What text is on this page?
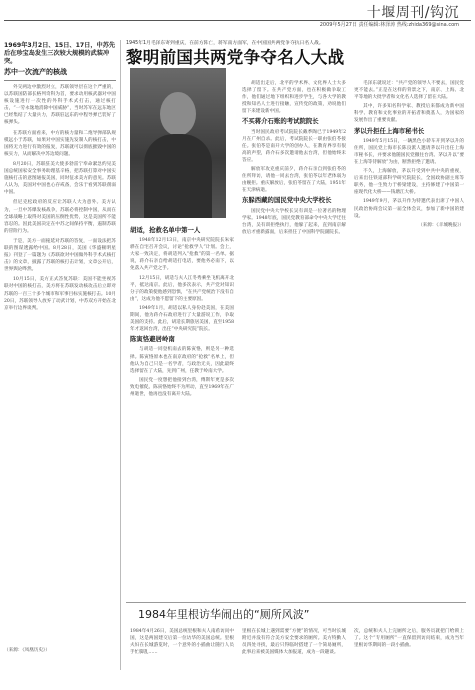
十堰周刊/钩沉
2009年5月27日 责任编辑:林泽涛 热线:zhida369@sina.com

1969年3月2日、15日、17日，中苏先后在珍宝岛发生三次较大规模的武装冲突。

苏中一次流产的核战

外交两边中激烈对立，苏联领导层在这个严重的，以苏联国防部长格列奇科为首，要求动用核武器对中国核设施进行一次性的外科手术式打击，通过核打击，“一劳永逸地消除中国威胁”，当时苏军在远东地区已经集结了大量兵力，苏联驻远东的中程导弹已装好了核弹头。

在苏联方面看来，中方的核力量和二炮导弹部队规模远小于苏联，如果对中国实施先发制人的核打击，中国将无力进行有效的报复，苏联就可以彻底摧毁中国的核实力，从而解决中苏边境问题。

8月20日，苏联驻美大使多勃雷宁奉命紧急约见美国总统国家安全事务助理基辛格，把苏联打算对中国实施核打击的意图通报美国，同时征求美方的意见。苏联人认为，美国对中国也心存戒备，会乐于看到苏联削弱中国。

但尼克松政府的反应让苏联人大为意外。美方认为，一旦中苏爆发核战争，苏联必将控制中国，从而在全球战略上取得对美国的压倒性优势，这是美国所不能容忍的。因此美国决定在中苏之间保持平衡，遏制苏联的冒险行为。

于是，美方一面拖延对苏联的答复，一面设法把苏联的图谋透露给中国。8月28日，美国《华盛顿明星报》刊登了一篇题为《苏联欲对中国做外科手术式核打击》的文章，披露了苏联的核打击计划，文章公开后，世界舆论哗然。

10月15日，美方正式答复苏联：美国不能坐视苏联对中国的核打击，美方将在苏联发动核攻击后立即对苏联的一百三十多个城市和军事目标实施核打击。10月20日，苏联领导人放弃了动武计划，中苏双方开始在北京举行边界谈判。

（来源：《凤凰历史》）

1945年1月毛泽东寄到重庆，在前方阵亡，蒋军南方面军，在中国国共两党争夺抗日名人战。

黎明前国共两党争夺名人大战

胡适，抢救名单中第一人

1948年12月13日，南京中央研究院院长朱家骅在自宅召开会议，讨论“抢救学人”计划。会上，大家一致决定，将胡适列入“抢救”的第一名单。据说，蒋介石亲自给胡适打电话，要他务必南下，以免落入共产党之手。

12月15日，胡适与夫人江冬秀乘坐飞机离开北平，抵达南京。此后，他多次表示，共产党对知识分子的政策使他感到恐惧，“在共产党统治下没有自由”，这成为他不愿留下的主要原因。

1949年1月，胡适以私人身份赴美国，在美国期间，他为蒋介石政府进行了大量游说工作，争取美国的支持。此后，胡适长期旅居美国，直至1958年才返回台湾，出任“中央研究院”院长。

陈寅恪避居岭南

与胡适一同登机南去的陈寅恪，则是另一种选择。陈寅恪原本也在南京政府的“抢救”名单上，但他认为自己只是一名学者，与政治无关，因此最终选择留在了大陆，先到广州，任教于岭南大学。

国民党一度想把他接到台湾，傅斯年更是多次致电催促。陈寅恪始终不为所动，直至1969年在广州逝世，他再也没有离开大陆。

胡适出走后，北平的学术界、文化界人士大多选择了留下。在共产党方面，也在积极做争取工作，他们通过地下组织和进步学生，与各大学的教授和知名人士进行接触，宣传党的政策，劝说他们留下来建设新中国。

不买蒋介石账的考试院院长

当时国民政府考试院院长戴季陶已于1949年2月在广州自杀。此后，考试院院长一职由张伯苓接任。张伯苓是南开大学的创办人，在教育界享有很高的声望，蒋介石多次邀请他去台湾，但他始终未答应。

解放军攻克重庆前夕，蒋介石亲自到张伯苓的住所拜访，请他一同去台湾，张伯苓以年老体弱为由婉拒。重庆解放后，张伯苓留在了大陆，1951年在天津病逝。

东躲西藏的国民党中央大学校长

国民党中央大学校长吴有训是一位著名的物理学家。1948年底，国民党教育部命令中央大学迁往台湾，吴有训拒绝执行，他躲了起来，直到南京解放后才重新露面，后来担任了中国科学院副院长。

毛泽东就说过：“共产党的领导人不要去，国民党更不能去。”正是在这样的背景之下，南京、上海、北平等地的大批学者和文化名人选择了留在大陆。

其中，许多知名科学家、教授后来都成为新中国科学、教育和文化事业的开拓者和奠基人，为国家的发展作出了重要贡献。

茅以升拒任上海市秘书长

1949年5月15日，一辆黑色小轿车开到茅以升的住所，国民党上海市长陈良派人邀请茅以升出任上海市秘书长，并要求他随国民党撤往台湾。茅以升以“要在上海等待解放”为由，断然拒绝了邀请。

不久，上海解放，茅以升受到中共中央的重视，后来出任铁道部科学研究院院长，全国政协副主席等职务，他一生致力于桥梁建设，主持修建了中国第一座现代化大桥——钱塘江大桥。

1949年9月，茅以升作为特邀代表出席了中国人民政治协商会议第一届全体会议，参加了新中国的建设。

（来源：《羊城晚报》）

1984年里根访华闹出的“厕所风波”
1984年4月26日，美国总统里根和夫人南希访问中国，这是两国建交后第一位访华的美国总统。里根夫妇在长城游览时，一个意外的小插曲让随行人员手忙脚乱……
里根在长城上遇到需要“方便”的情况，可当时长城附近并没有符合美方安全要求的厕所。美方特勤人员四处寻找，最后只得临时搭建了一个简易厕所，此事后来被美国媒体大加报道，成为一段趣谈。
次，总统和夫人上完厕所之后，服务员就把门给锁上了。这个“专用厕所”一直保留到访问结束，成为当年里根访华期间的一段小插曲。
